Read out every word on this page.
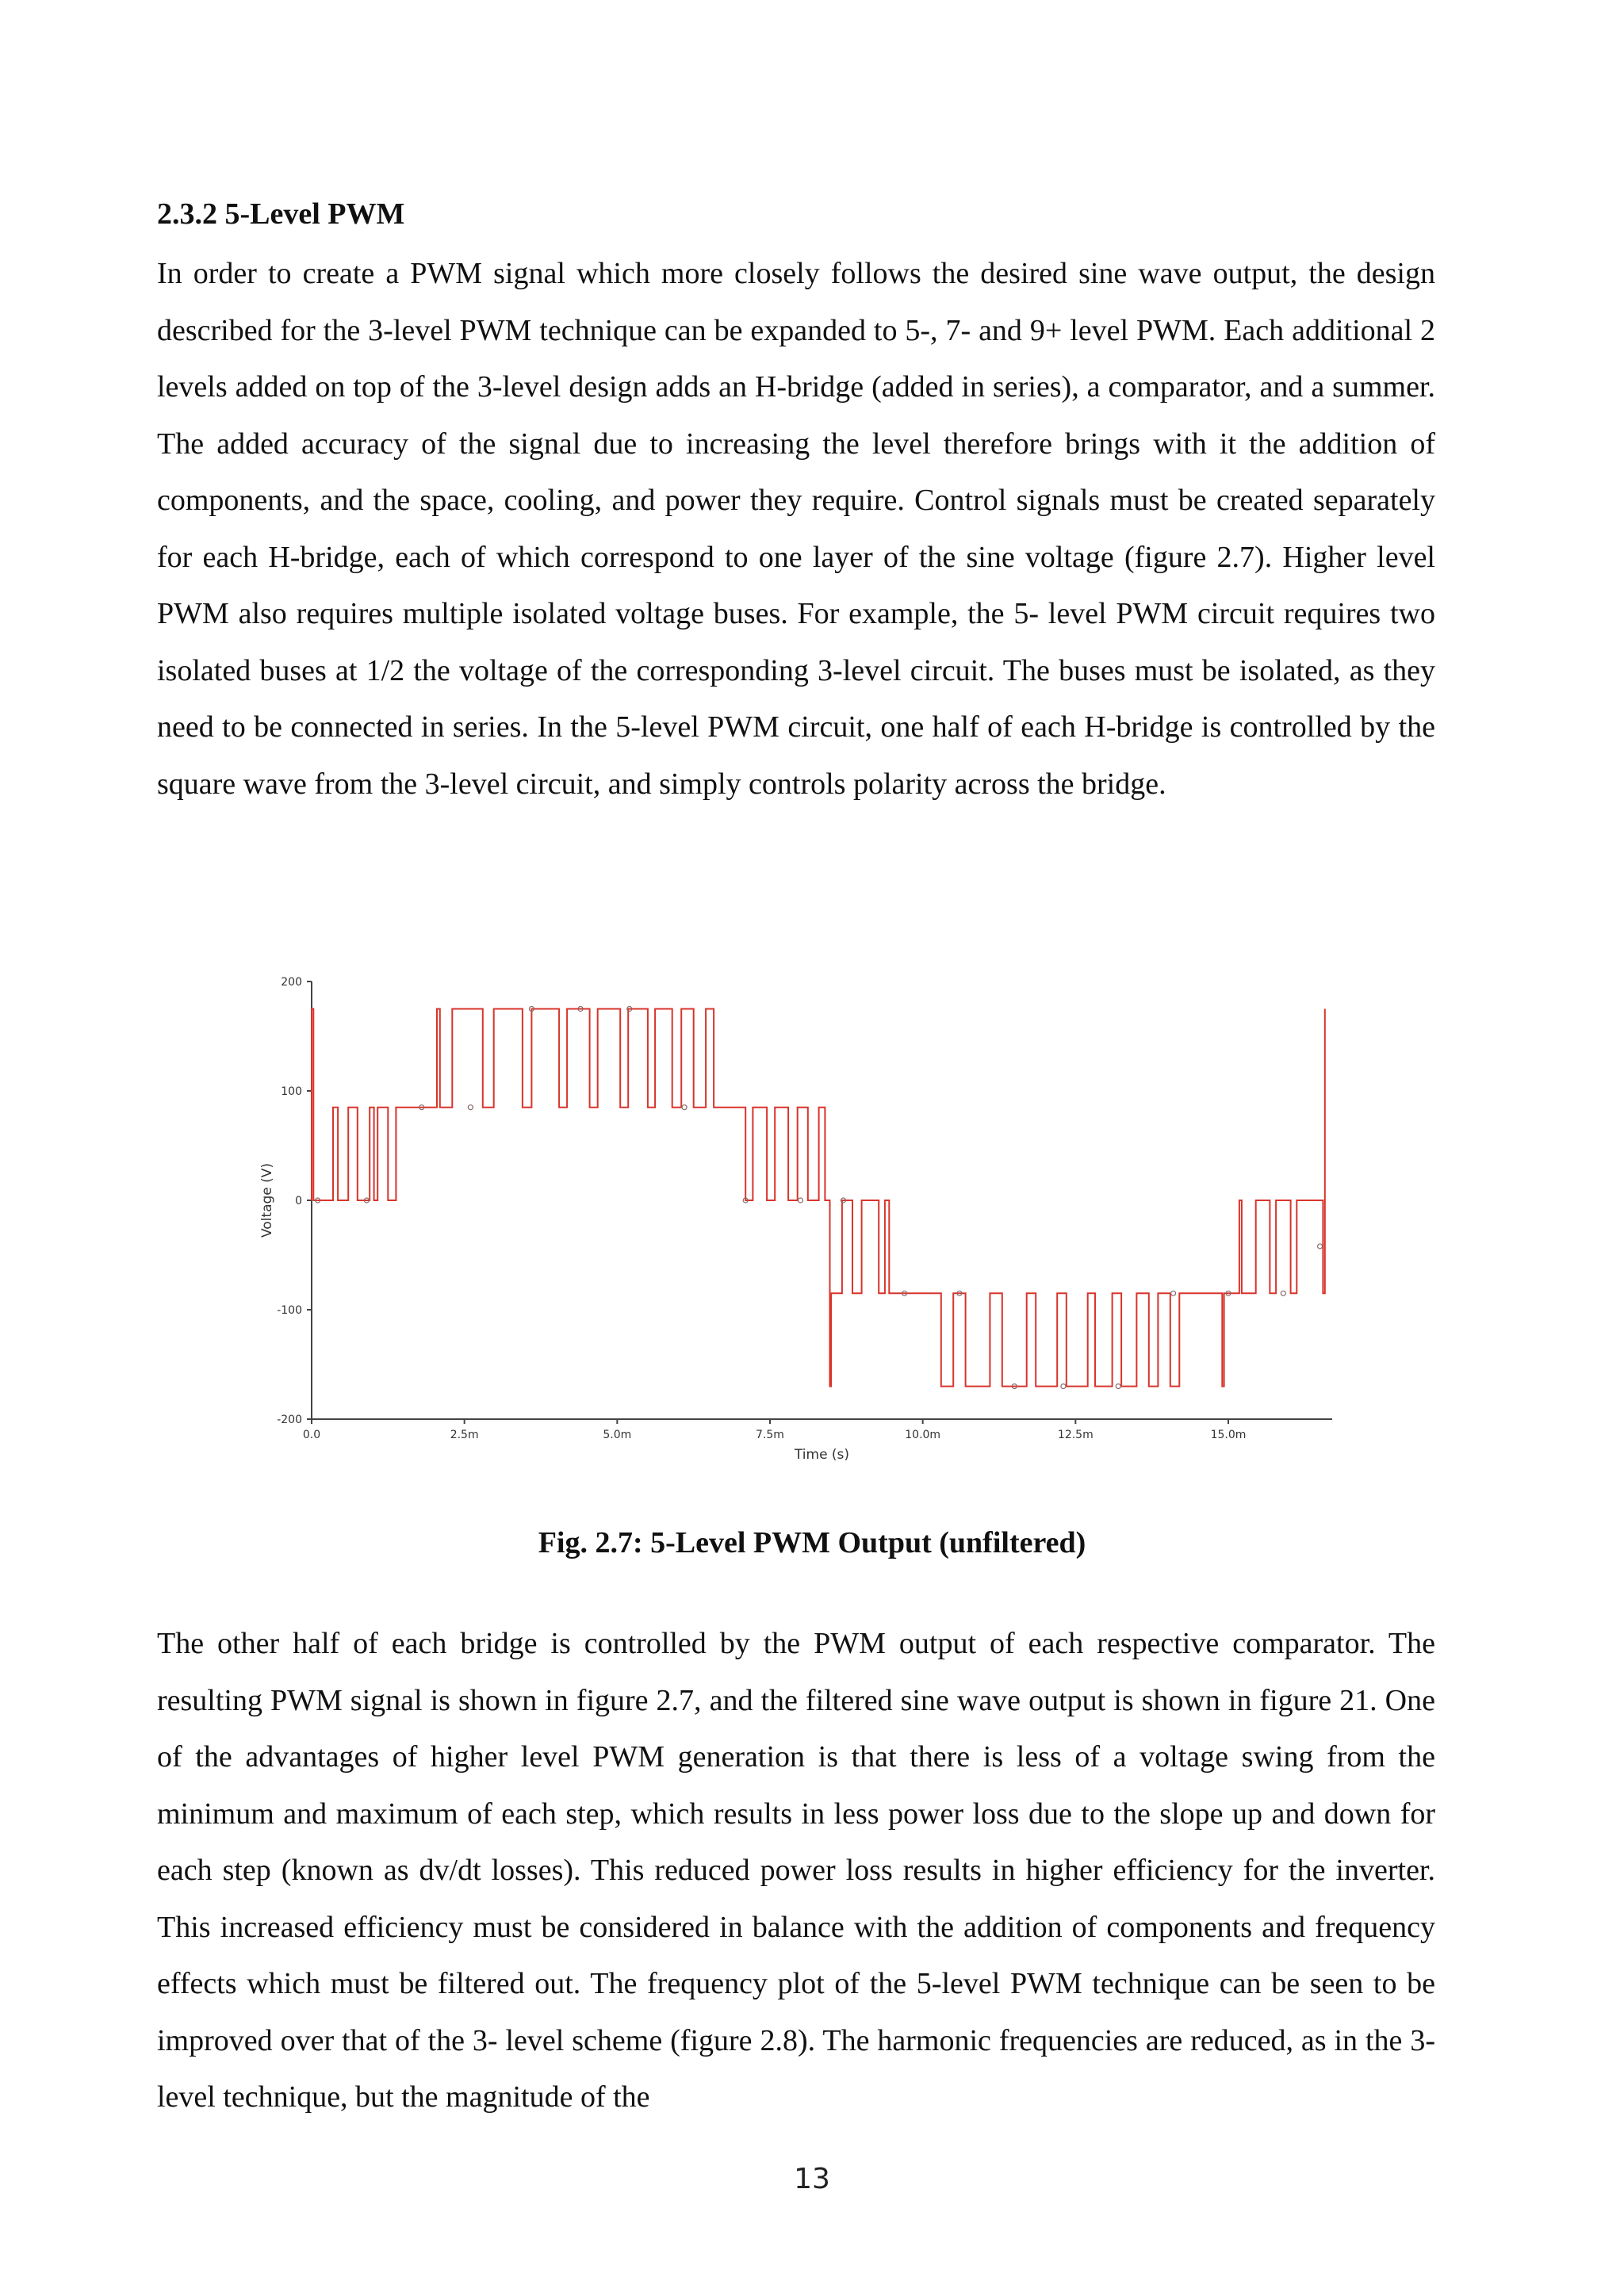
2.3.2 5-Level PWM
In order to create a PWM signal which more closely follows the desired sine wave output, the design described for the 3-level PWM technique can be expanded to 5-, 7- and 9+ level PWM. Each additional 2 levels added on top of the 3-level design adds an H-bridge (added in series), a comparator, and a summer. The added accuracy of the signal due to increasing the level therefore brings with it the addition of components, and the space, cooling, and power they require. Control signals must be created separately for each H-bridge, each of which correspond to one layer of the sine voltage (figure 2.7). Higher level PWM also requires multiple isolated voltage buses. For example, the 5- level PWM circuit requires two isolated buses at 1/2 the voltage of the corresponding 3-level circuit. The buses must be isolated, as they need to be connected in series. In the 5-level PWM circuit, one half of each H-bridge is controlled by the square wave from the 3-level circuit, and simply controls polarity across the bridge.
200
100
0
-100
-200
0.0	2.5m	5.0m	7.5m	10.0m	12.5m	15.0m
Time (s)
Voltage (V)
Fig. 2.7: 5-Level PWM Output (unfiltered)
The other half of each bridge is controlled by the PWM output of each respective comparator. The resulting PWM signal is shown in figure 2.7, and the filtered sine wave output is shown in figure 21. One of the advantages of higher level PWM generation is that there is less of a voltage swing from the minimum and maximum of each step, which results in less power loss due to the slope up and down for each step (known as dv/dt losses). This reduced power loss results in higher efficiency for the inverter. This increased efficiency must be considered in balance with the addition of components and frequency effects which must be filtered out. The frequency plot of the 5-level PWM technique can be seen to be improved over that of the 3- level scheme (figure 2.8). The harmonic frequencies are reduced, as in the 3-level technique, but the magnitude of the
13
